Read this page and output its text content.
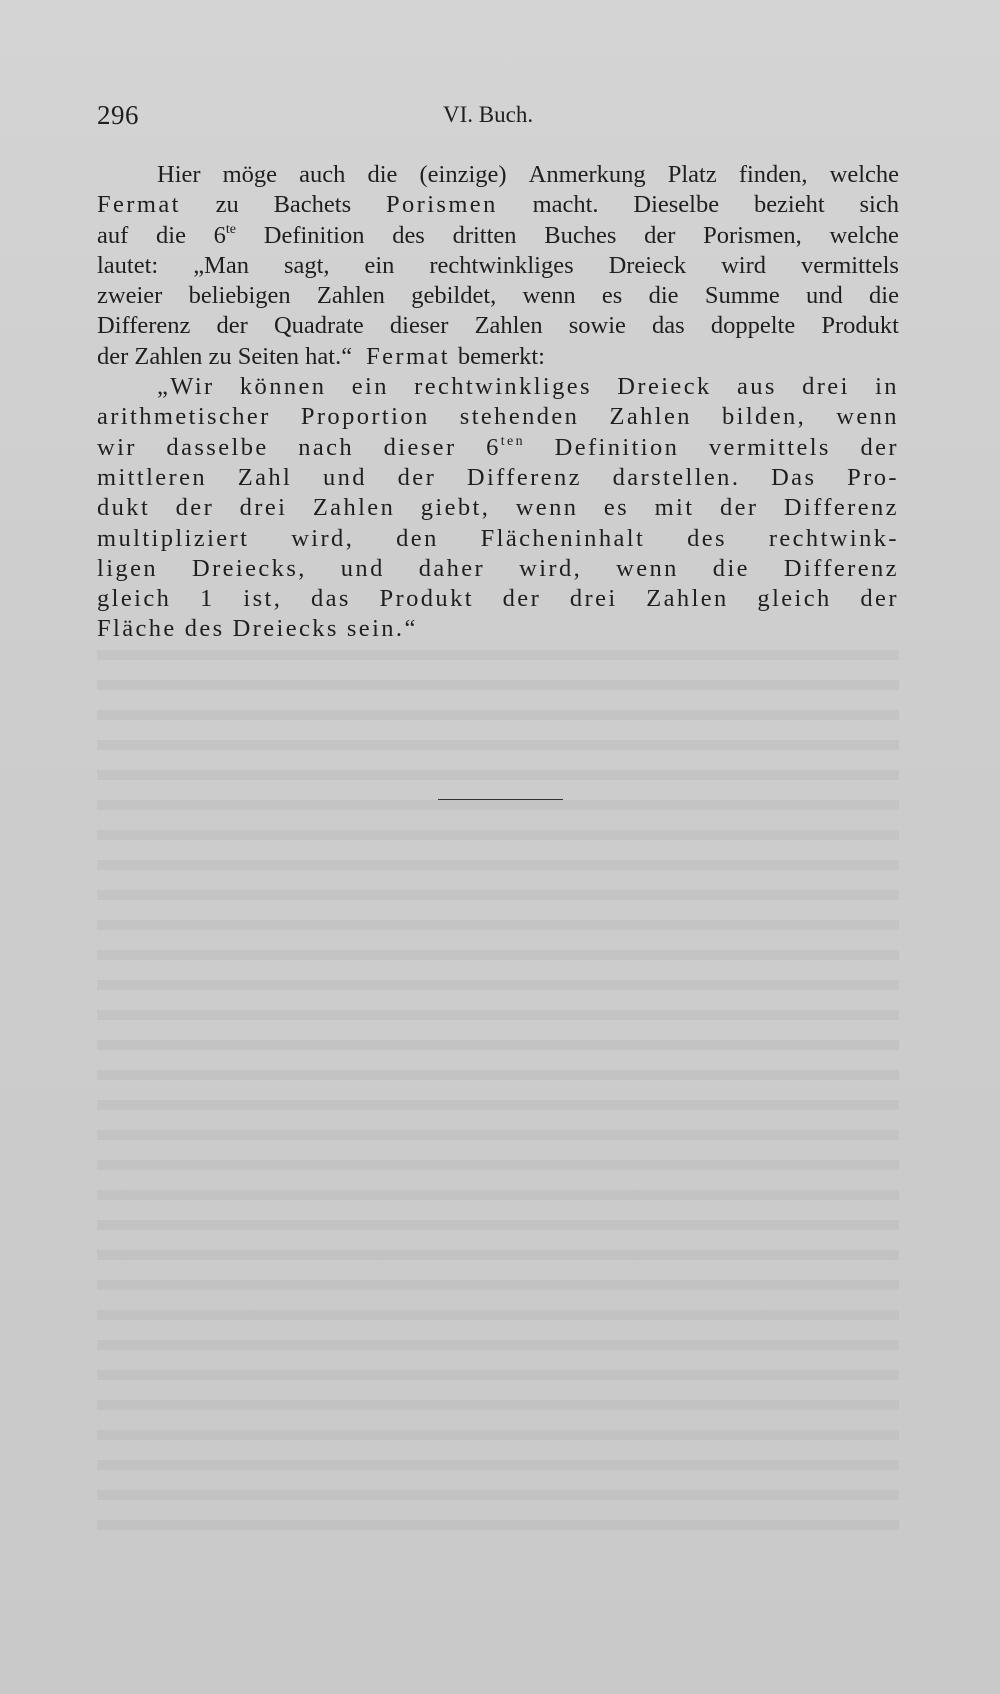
296	VI. Buch.
Hier möge auch die (einzige) Anmerkung Platz finden, welche
Fermat zu Bachets Porismen macht. Dieselbe bezieht sich
auf die $6^{te}$ Definition des dritten Buches der Porismen, welche
lautet: „Man sagt, ein rechtwinkliges Dreieck wird vermittels
zweier beliebigen Zahlen gebildet, wenn es die Summe und die
Differenz der Quadrate dieser Zahlen sowie das doppelte Produkt
der Zahlen zu Seiten hat.“ Fermat bemerkt:
„Wir können ein rechtwinkliges Dreieck aus drei in
arithmetischer Proportion stehenden Zahlen bilden, wenn
wir dasselbe nach dieser $6^{ten}$ Definition vermittels der
mittleren Zahl und der Differenz darstellen. Das Pro-
dukt der drei Zahlen giebt, wenn es mit der Differenz
multipliziert wird, den Flächeninhalt des rechtwink-
ligen Dreiecks, und daher wird, wenn die Differenz
gleich 1 ist, das Produkt der drei Zahlen gleich der
Fläche des Dreiecks sein.“
